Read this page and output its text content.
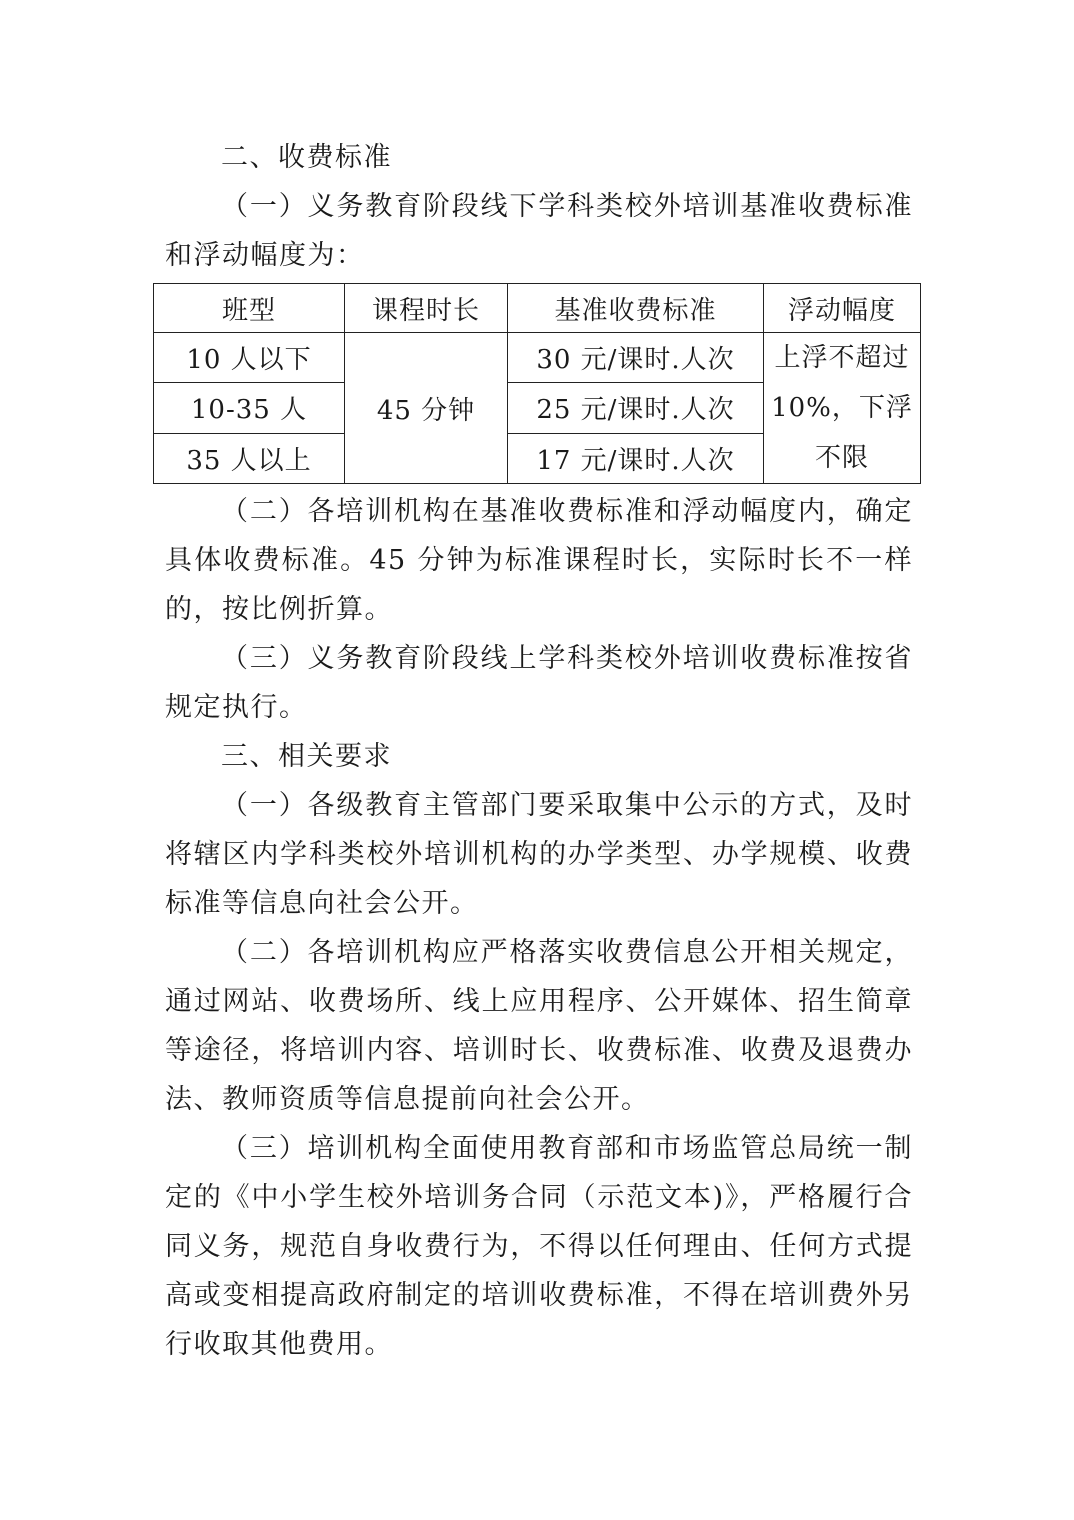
二、收费标准

（一）义务教育阶段线下学科类校外培训基准收费标准和浮动幅度为：

班型	课程时长	基准收费标准	浮动幅度
10 人以下	45 分钟	30 元/课时.人次	上浮不超过 10%，下浮不限
10-35 人		25 元/课时.人次	
35 人以上		17 元/课时.人次	

（二）各培训机构在基准收费标准和浮动幅度内，确定具体收费标准。45 分钟为标准课程时长，实际时长不一样的，按比例折算。

（三）义务教育阶段线上学科类校外培训收费标准按省规定执行。

三、相关要求

（一）各级教育主管部门要采取集中公示的方式，及时将辖区内学科类校外培训机构的办学类型、办学规模、收费标准等信息向社会公开。

（二）各培训机构应严格落实收费信息公开相关规定，通过网站、收费场所、线上应用程序、公开媒体、招生简章等途径，将培训内容、培训时长、收费标准、收费及退费办法、教师资质等信息提前向社会公开。

（三）培训机构全面使用教育部和市场监管总局统一制定的《中小学生校外培训务合同（示范文本)》，严格履行合同义务，规范自身收费行为，不得以任何理由、任何方式提高或变相提高政府制定的培训收费标准，不得在培训费外另行收取其他费用。
